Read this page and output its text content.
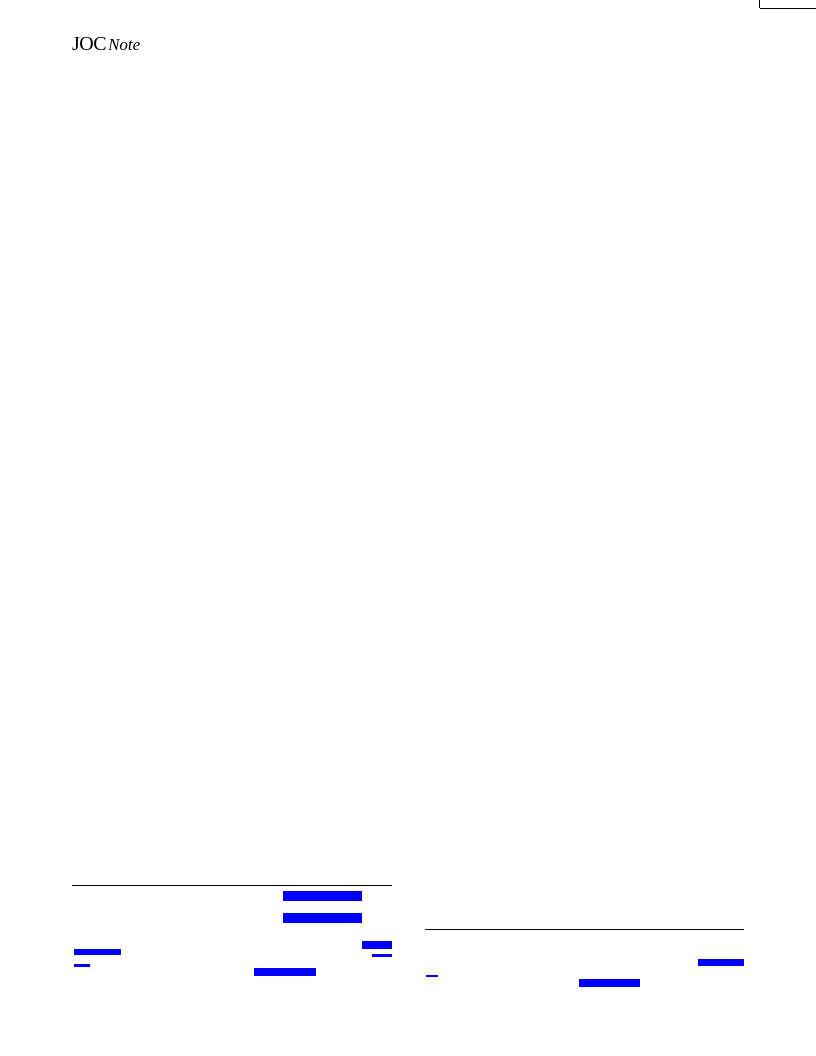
JOC Note
